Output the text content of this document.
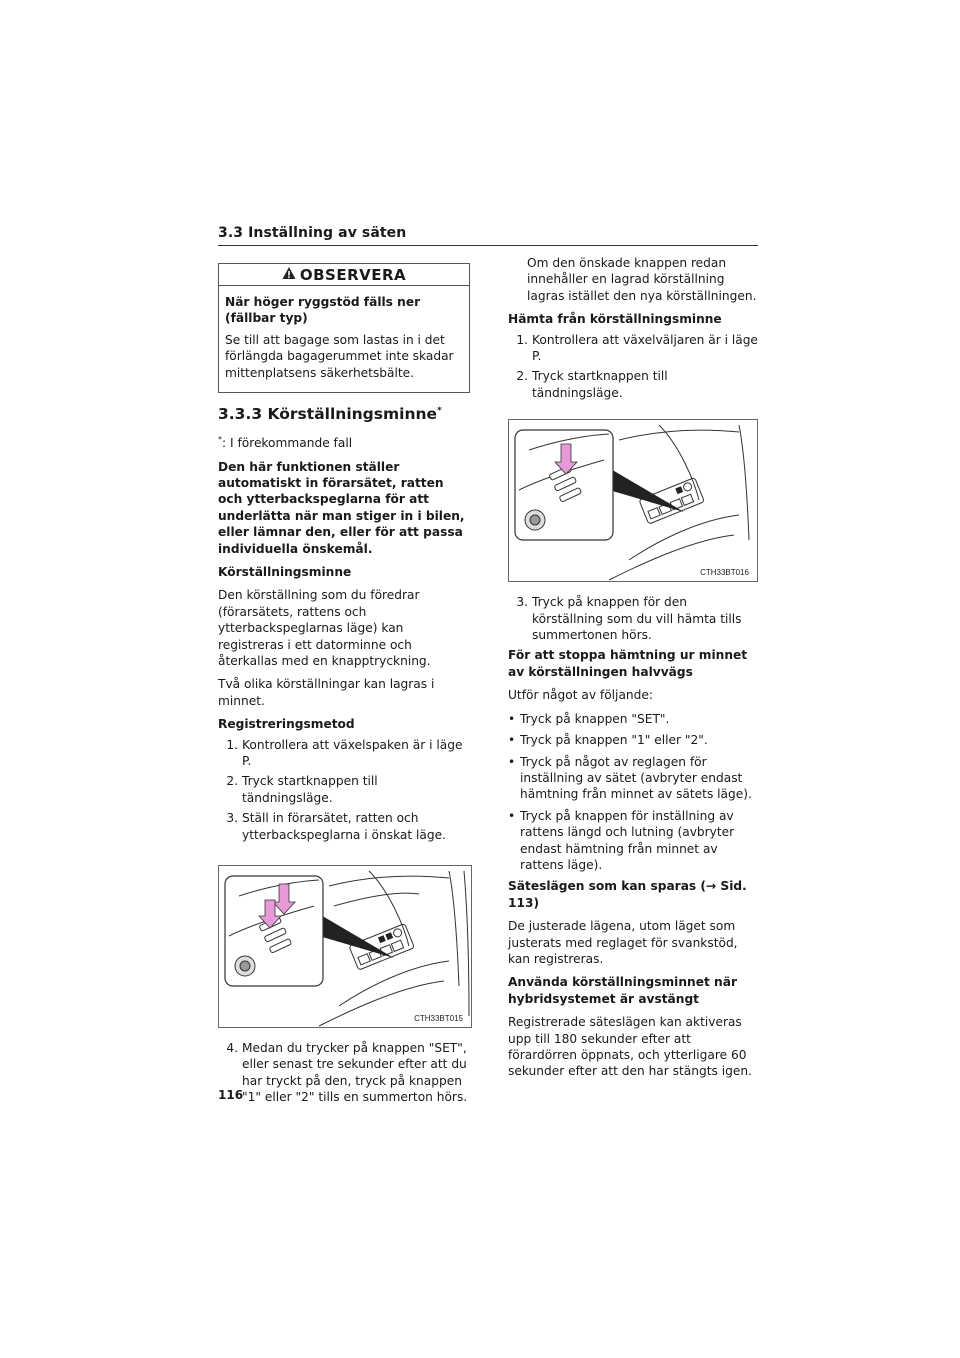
3.3 Inställning av säten
OBSERVERA

När höger ryggstöd fälls ner (fällbar typ)

Se till att bagage som lastas in i det förlängda bagagerummet inte skadar mittenplatsens säkerhetsbälte.

3.3.3 Körställningsminne*

*: I förekommande fall

Den här funktionen ställer automatiskt in förarsätet, ratten och ytterbackspeglarna för att underlätta när man stiger in i bilen, eller lämnar den, eller för att passa individuella önskemål.

Körställningsminne

Den körställning som du föredrar (förarsätets, rattens och ytterbackspeglarnas läge) kan registreras i ett datorminne och återkallas med en knapptryckning.

Två olika körställningar kan lagras i minnet.

Registreringsmetod

1. Kontrollera att växelspaken är i läge P.
2. Tryck startknappen till tändningsläge.
3. Ställ in förarsätet, ratten och ytterbackspeglarna i önskat läge.
CTH33BT015
4. Medan du trycker på knappen "SET", eller senast tre sekunder efter att du har tryckt på den, tryck på knappen "1" eller "2" tills en summerton hörs.

Om den önskade knappen redan innehåller en lagrad körställning lagras istället den nya körställningen.

Hämta från körställningsminne

1. Kontrollera att växelväljaren är i läge P.
2. Tryck startknappen till tändningsläge.
CTH33BT016
3. Tryck på knappen för den körställning som du vill hämta tills summertonen hörs.

För att stoppa hämtning ur minnet av körställningen halvvägs

Utför något av följande:

• Tryck på knappen "SET".
• Tryck på knappen "1" eller "2".
• Tryck på något av reglagen för inställning av sätet (avbryter endast hämtning från minnet av sätets läge).
• Tryck på knappen för inställning av rattens längd och lutning (avbryter endast hämtning från minnet av rattens läge).

Säteslägen som kan sparas (→ Sid. 113)

De justerade lägena, utom läget som justerats med reglaget för svankstöd, kan registreras.

Använda körställningsminnet när hybridsystemet är avstängt

Registrerade säteslägen kan aktiveras upp till 180 sekunder efter att förardörren öppnats, och ytterligare 60 sekunder efter att den har stängts igen.

116
